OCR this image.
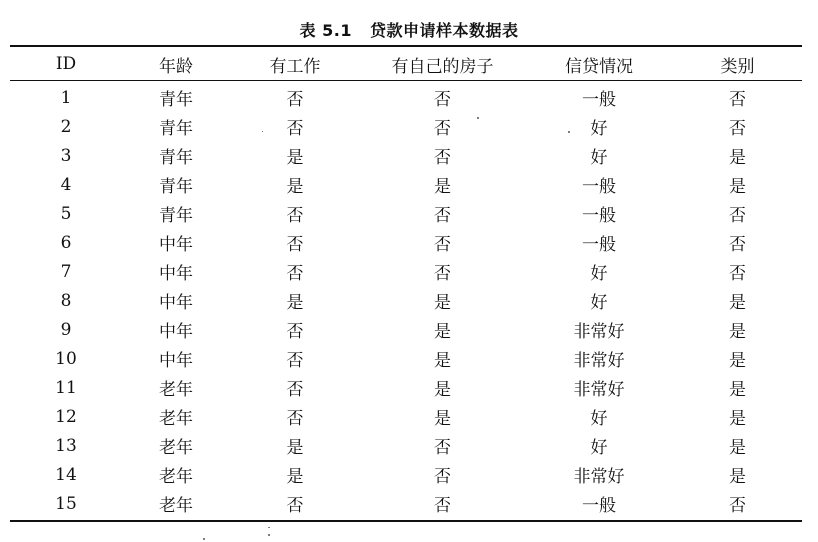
表 5.1 贷款申请样本数据表
ID	年龄	有工作	有自己的房子	信贷情况	类别
1	青年	否	否	一般	否
2	青年	否	否	好	否
3	青年	是	否	好	是
4	青年	是	是	一般	是
5	青年	否	否	一般	否
6	中年	否	否	一般	否
7	中年	否	否	好	否
8	中年	是	是	好	是
9	中年	否	是	非常好	是
10	中年	否	是	非常好	是
11	老年	否	是	非常好	是
12	老年	否	是	好	是
13	老年	是	否	好	是
14	老年	是	否	非常好	是
15	老年	否	否	一般	否
